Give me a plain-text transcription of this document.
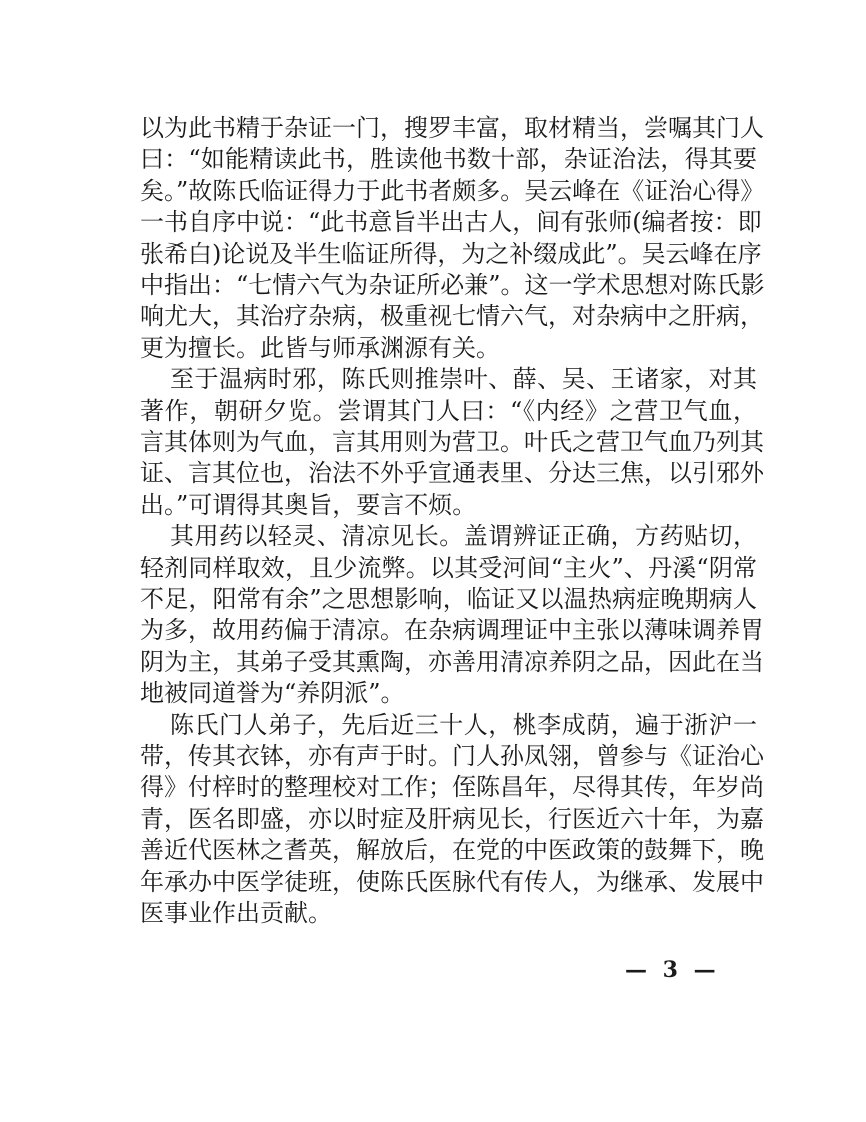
以为此书精于杂证一门，搜罗丰富，取材精当，尝嘱其门人
曰：“如能精读此书，胜读他书数十部，杂证治法，得其要
矣。”故陈氏临证得力于此书者颇多。吴云峰在《证治心得》
一书自序中说：“此书意旨半出古人，间有张师(编者按：即
张希白)论说及半生临证所得，为之补缀成此”。吴云峰在序
中指出：“七情六气为杂证所必兼”。这一学术思想对陈氏影
响尤大，其治疗杂病，极重视七情六气，对杂病中之肝病，
更为擅长。此皆与师承渊源有关。
至于温病时邪，陈氏则推崇叶、薛、吴、王诸家，对其
著作，朝研夕览。尝谓其门人曰：“《内经》之营卫气血，
言其体则为气血，言其用则为营卫。叶氏之营卫气血乃列其
证、言其位也，治法不外乎宣通表里、分达三焦，以引邪外
出。”可谓得其奥旨，要言不烦。
其用药以轻灵、清凉见长。盖谓辨证正确，方药贴切，
轻剂同样取效，且少流弊。以其受河间“主火”、丹溪“阴常
不足，阳常有余”之思想影响，临证又以温热病症晚期病人
为多，故用药偏于清凉。在杂病调理证中主张以薄味调养胃
阴为主，其弟子受其熏陶，亦善用清凉养阴之品，因此在当
地被同道誉为“养阴派”。
陈氏门人弟子，先后近三十人，桃李成荫，遍于浙沪一
带，传其衣钵，亦有声于时。门人孙凤翎，曾参与《证治心
得》付梓时的整理校对工作；侄陈昌年，尽得其传，年岁尚
青，医名即盛，亦以时症及肝病见长，行医近六十年，为嘉
善近代医林之耆英，解放后，在党的中医政策的鼓舞下，晚
年承办中医学徒班，使陈氏医脉代有传人，为继承、发展中
医事业作出贡献。
— 3 —
